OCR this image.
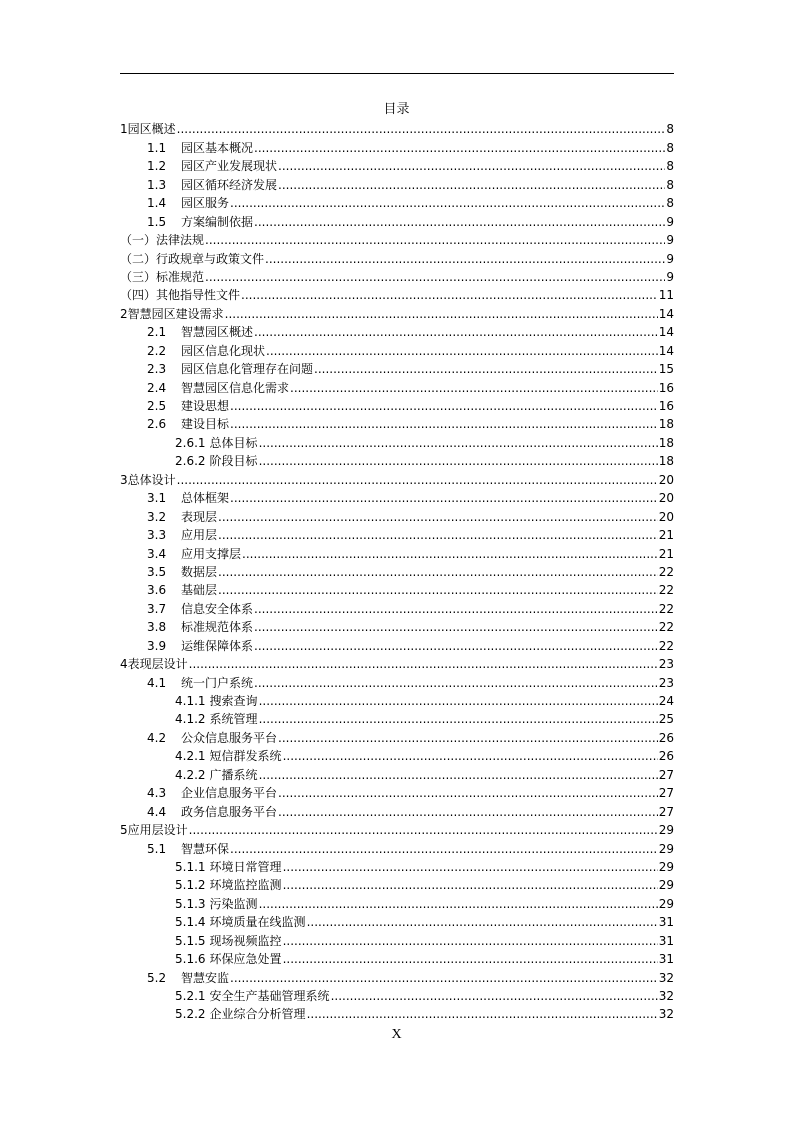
目录
1 园区概述 .....	8
1.1	园区基本概况 .....	8
1.2	园区产业发展现状 .....	8
1.3	园区循环经济发展 .....	8
1.4	园区服务 .....	8
1.5	方案编制依据 .....	9
（一） 法律法规 .....	9
（二） 行政规章与政策文件 .....	9
（三） 标准规范 .....	9
（四） 其他指导性文件 .....	11
2 智慧园区建设需求 .....	14
2.1	智慧园区概述 .....	14
2.2	园区信息化现状 .....	14
2.3	园区信息化管理存在问题 .....	15
2.4	智慧园区信息化需求 .....	16
2.5	建设思想 .....	16
2.6	建设目标 .....	18
2.6.1 总体目标 .....	18
2.6.2 阶段目标 .....	18
3 总体设计 .....	20
3.1	总体框架 .....	20
3.2	表现层 .....	20
3.3	应用层 .....	21
3.4	应用支撑层 .....	21
3.5	数据层 .....	22
3.6	基础层 .....	22
3.7	信息安全体系 .....	22
3.8	标准规范体系 .....	22
3.9	运维保障体系 .....	22
4 表现层设计 .....	23
4.1	统一门户系统 .....	23
4.1.1 搜索查询 .....	24
4.1.2 系统管理 .....	25
4.2	公众信息服务平台 .....	26
4.2.1 短信群发系统 .....	26
4.2.2 广播系统 .....	27
4.3	企业信息服务平台 .....	27
4.4	政务信息服务平台 .....	27
5 应用层设计 .....	29
5.1	智慧环保 .....	29
5.1.1 环境日常管理 .....	29
5.1.2 环境监控监测 .....	29
5.1.3 污染监测 .....	29
5.1.4 环境质量在线监测 .....	31
5.1.5 现场视频监控 .....	31
5.1.6 环保应急处置 .....	31
5.2	智慧安监 .....	32
5.2.1 安全生产基础管理系统 .....	32
5.2.2 企业综合分析管理 .....	32
X
